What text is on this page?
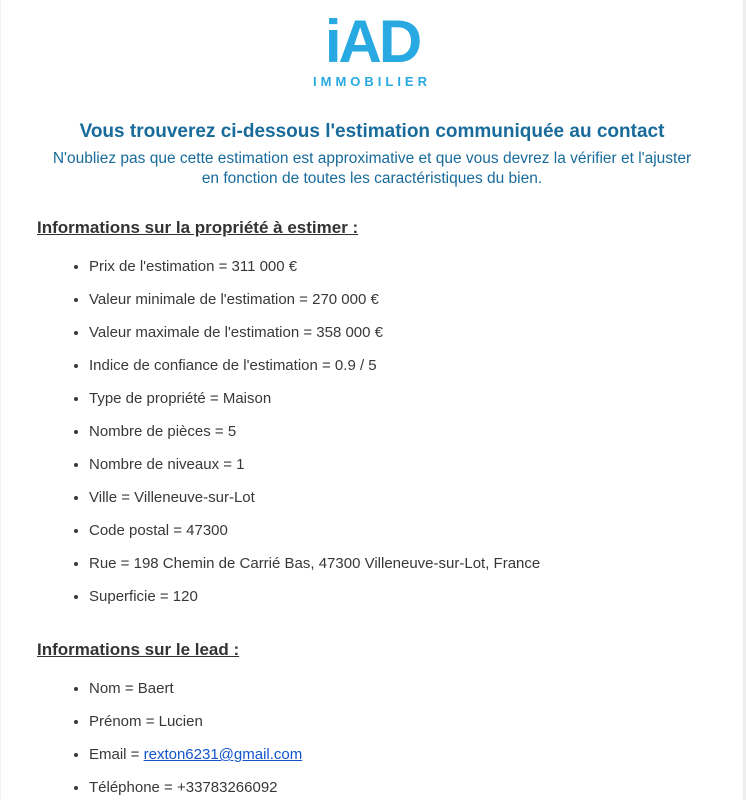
iAD
IMMOBILIER
Vous trouverez ci-dessous l'estimation communiquée au contact
N'oubliez pas que cette estimation est approximative et que vous devrez la vérifier et l'ajuster
en fonction de toutes les caractéristiques du bien.
Informations sur la propriété à estimer :
• Prix de l'estimation = 311 000 €
• Valeur minimale de l'estimation = 270 000 €
• Valeur maximale de l'estimation = 358 000 €
• Indice de confiance de l'estimation = 0.9 / 5
• Type de propriété = Maison
• Nombre de pièces = 5
• Nombre de niveaux = 1
• Ville = Villeneuve-sur-Lot
• Code postal = 47300
• Rue = 198 Chemin de Carrié Bas, 47300 Villeneuve-sur-Lot, France
• Superficie = 120
Informations sur le lead :
• Nom = Baert
• Prénom = Lucien
• Email = rexton6231@gmail.com
• Téléphone = +33783266092
